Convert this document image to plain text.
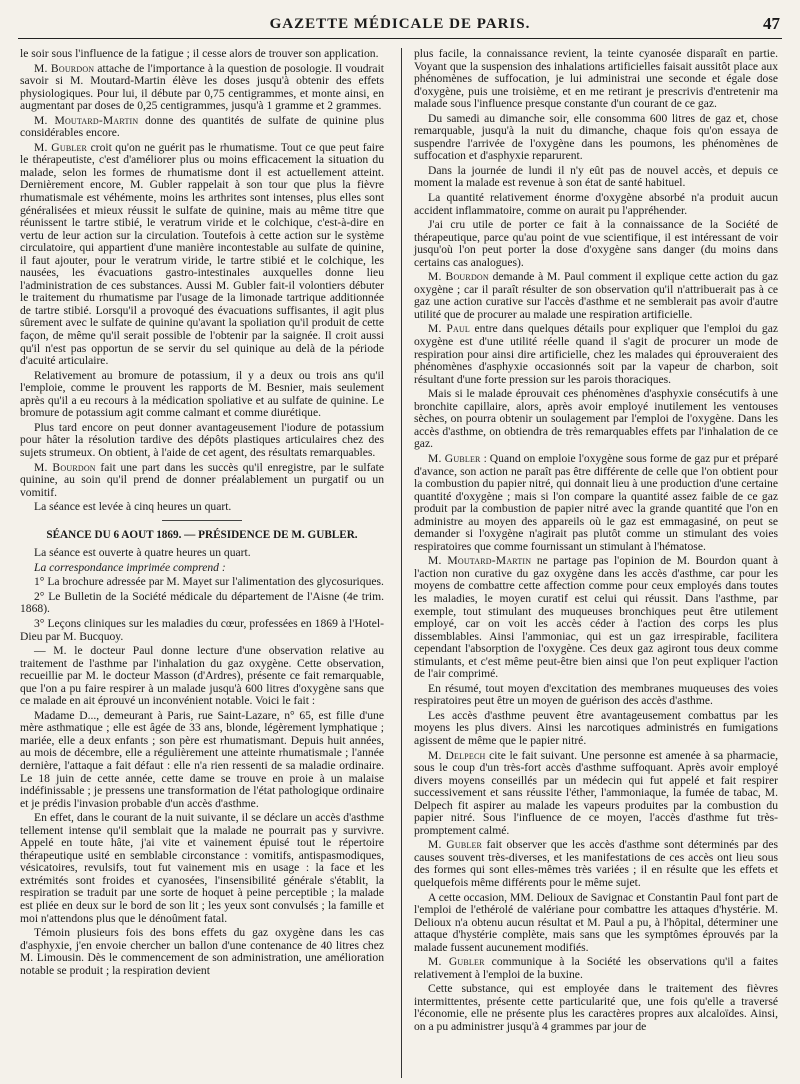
GAZETTE MÉDICALE DE PARIS.	47

le soir sous l'influence de la fatigue ; il cesse alors de trouver son application.

M. Bourdon attache de l'importance à la question de posologie. Il voudrait savoir si M. Moutard-Martin élève les doses jusqu'à obtenir des effets physiologiques. Pour lui, il débute par 0,75 centigrammes, et monte ainsi, en augmentant par doses de 0,25 centigrammes, jusqu'à 1 gramme et 2 grammes.

M. Moutard-Martin donne des quantités de sulfate de quinine plus considérables encore.

M. Gubler croit qu'on ne guérit pas le rhumatisme. Tout ce que peut faire le thérapeutiste, c'est d'améliorer plus ou moins efficacement la situation du malade, selon les formes de rhumatisme dont il est actuellement atteint. Dernièrement encore, M. Gubler rappelait à son tour que plus la fièvre rhumatismale est véhémente, moins les arthrites sont intenses, plus elles sont généralisées et mieux réussit le sulfate de quinine, mais au même titre que réunissent le tartre stibié, le veratrum viride et le colchique, c'est-à-dire en vertu de leur action sur la circulation. Toutefois à cette action sur le système circulatoire, qui appartient d'une manière incontestable au sulfate de quinine, il faut ajouter, pour le veratrum viride, le tartre stibié et le colchique, les nausées, les évacuations gastro-intestinales auxquelles donne lieu l'administration de ces substances. Aussi M. Gubler fait-il volontiers débuter le traitement du rhumatisme par l'usage de la limonade tartrique additionnée de tartre stibié. Lorsqu'il a provoqué des évacuations suffisantes, il agit plus sûrement avec le sulfate de quinine qu'avant la spoliation qu'il produit de cette façon, de même qu'il serait possible de l'obtenir par la saignée. Il croit aussi qu'il n'est pas opportun de se servir du sel quinique au delà de la période d'acuité articulaire.

Relativement au bromure de potassium, il y a deux ou trois ans qu'il l'emploie, comme le prouvent les rapports de M. Besnier, mais seulement après qu'il a eu recours à la médication spoliative et au sulfate de quinine. Le bromure de potassium agit comme calmant et comme diurétique.

Plus tard encore on peut donner avantageusement l'iodure de potassium pour hâter la résolution tardive des dépôts plastiques articulaires chez des sujets strumeux. On obtient, à l'aide de cet agent, des résultats remarquables.

M. Bourdon fait une part dans les succès qu'il enregistre, par le sulfate quinine, au soin qu'il prend de donner préalablement un purgatif ou un vomitif.

La séance est levée à cinq heures un quart.

SÉANCE DU 6 AOUT 1869. — PRÉSIDENCE DE M. GUBLER.

La séance est ouverte à quatre heures un quart.

La correspondance imprimée comprend :

1° La brochure adressée par M. Mayet sur l'alimentation des glycosuriques.

2° Le Bulletin de la Société médicale du département de l'Aisne (4e trim. 1868).

3° Leçons cliniques sur les maladies du cœur, professées en 1869 à l'Hotel-Dieu par M. Bucquoy.

— M. le docteur Paul donne lecture d'une observation relative au traitement de l'asthme par l'inhalation du gaz oxygène. Cette observation, recueillie par M. le docteur Masson (d'Ardres), présente ce fait remarquable, que l'on a pu faire respirer à un malade jusqu'à 600 litres d'oxygène sans que ce malade en ait éprouvé un inconvénient notable. Voici le fait :

Madame D..., demeurant à Paris, rue Saint-Lazare, n° 65, est fille d'une mère asthmatique ; elle est âgée de 33 ans, blonde, légèrement lymphatique ; mariée, elle a deux enfants ; son père est rhumatismant. Depuis huit années, au mois de décembre, elle a régulièrement une atteinte rhumatismale ; l'année dernière, l'attaque a fait défaut : elle n'a rien ressenti de sa maladie ordinaire. Le 18 juin de cette année, cette dame se trouve en proie à un malaise indéfinissable ; je pressens une transformation de l'état pathologique ordinaire et je prédis l'invasion probable d'un accès d'asthme.

En effet, dans le courant de la nuit suivante, il se déclare un accès d'asthme tellement intense qu'il semblait que la malade ne pourrait pas y survivre. Appelé en toute hâte, j'ai vite et vainement épuisé tout le répertoire thérapeutique usité en semblable circonstance : vomitifs, antispasmodiques, vésicatoires, revulsifs, tout fut vainement mis en usage : la face et les extrémités sont froides et cyanosées, l'insensibilité générale s'établit, la respiration se traduit par une sorte de hoquet à peine perceptible ; la malade est pliée en deux sur le bord de son lit ; les yeux sont convulsés ; la famille et moi n'attendons plus que le dénoûment fatal.

Témoin plusieurs fois des bons effets du gaz oxygène dans les cas d'asphyxie, j'en envoie chercher un ballon d'une contenance de 40 litres chez M. Limousin. Dès le commencement de son administration, une amélioration notable se produit ; la respiration devient

plus facile, la connaissance revient, la teinte cyanosée disparaît en partie. Voyant que la suspension des inhalations artificielles faisait aussitôt place aux phénomènes de suffocation, je lui administrai une seconde et égale dose d'oxygène, puis une troisième, et en me retirant je prescrivis d'entretenir ma malade sous l'influence presque constante d'un courant de ce gaz.

Du samedi au dimanche soir, elle consomma 600 litres de gaz et, chose remarquable, jusqu'à la nuit du dimanche, chaque fois qu'on essaya de suspendre l'arrivée de l'oxygène dans les poumons, les phénomènes de suffocation et d'asphyxie reparurent.

Dans la journée de lundi il n'y eût pas de nouvel accès, et depuis ce moment la malade est revenue à son état de santé habituel.

La quantité relativement énorme d'oxygène absorbé n'a produit aucun accident inflammatoire, comme on aurait pu l'appréhender.

J'ai cru utile de porter ce fait à la connaissance de la Société de thérapeutique, parce qu'au point de vue scientifique, il est intéressant de voir jusqu'où l'on peut porter la dose d'oxygène sans danger (du moins dans certains cas analogues).

M. Bourdon demande à M. Paul comment il explique cette action du gaz oxygène ; car il paraît résulter de son observation qu'il n'attribuerait pas à ce gaz une action curative sur l'accès d'asthme et ne semblerait pas avoir d'autre utilité que de procurer au malade une respiration artificielle.

M. Paul entre dans quelques détails pour expliquer que l'emploi du gaz oxygène est d'une utilité réelle quand il s'agit de procurer un mode de respiration pour ainsi dire artificielle, chez les malades qui éprouveraient des phénomènes d'asphyxie occasionnés soit par la vapeur de charbon, soit résultant d'une forte pression sur les parois thoraciques.

Mais si le malade éprouvait ces phénomènes d'asphyxie consécutifs à une bronchite capillaire, alors, après avoir employé inutilement les ventouses sèches, on pourra obtenir un soulagement par l'emploi de l'oxygène. Dans les accès d'asthme, on obtiendra de très remarquables effets par l'inhalation de ce gaz.

M. Gubler : Quand on emploie l'oxygène sous forme de gaz pur et préparé d'avance, son action ne paraît pas être différente de celle que l'on obtient pour la combustion du papier nitré, qui donnait lieu à une production d'une certaine quantité d'oxygène ; mais si l'on compare la quantité assez faible de ce gaz produit par la combustion de papier nitré avec la grande quantité que l'on en administre au moyen des appareils où le gaz est emmagasiné, on peut se demander si l'oxygène n'agirait pas plutôt comme un stimulant des voies respiratoires que comme fournissant un stimulant à l'hématose.

M. Moutard-Martin ne partage pas l'opinion de M. Bourdon quant à l'action non curative du gaz oxygène dans les accès d'asthme, car pour les moyens de combattre cette affection comme pour ceux employés dans toutes les maladies, le moyen curatif est celui qui réussit. Dans l'asthme, par exemple, tout stimulant des muqueuses bronchiques peut être utilement employé, car on voit les accès céder à l'action des corps les plus dissemblables. Ainsi l'ammoniac, qui est un gaz irrespirable, facilitera cependant l'absorption de l'oxygène. Ces deux gaz agiront tous deux comme stimulants, et c'est même peut-être bien ainsi que l'on peut expliquer l'action de l'air comprimé.

En résumé, tout moyen d'excitation des membranes muqueuses des voies respiratoires peut être un moyen de guérison des accès d'asthme.

Les accès d'asthme peuvent être avantageusement combattus par les moyens les plus divers. Ainsi les narcotiques administrés en fumigations agissent de même que le papier nitré.

M. Delpech cite le fait suivant. Une personne est amenée à sa pharmacie, sous le coup d'un très-fort accès d'asthme suffoquant. Après avoir employé divers moyens conseillés par un médecin qui fut appelé et fait respirer successivement et sans réussite l'éther, l'ammoniaque, la fumée de tabac, M. Delpech fit aspirer au malade les vapeurs produites par la combustion du papier nitré. Sous l'influence de ce moyen, l'accès d'asthme fut très-promptement calmé.

M. Gubler fait observer que les accès d'asthme sont déterminés par des causes souvent très-diverses, et les manifestations de ces accès ont lieu sous des formes qui sont elles-mêmes très variées ; il en résulte que les effets et quelquefois même différents pour le même sujet.

A cette occasion, MM. Delioux de Savignac et Constantin Paul font part de l'emploi de l'ethérolé de valériane pour combattre les attaques d'hystérie. M. Delioux n'a obtenu aucun résultat et M. Paul a pu, à l'hôpital, déterminer une attaque d'hystérie complète, mais sans que les symptômes éprouvés par la malade fussent aucunement modifiés.

M. Gubler communique à la Société les observations qu'il a faites relativement à l'emploi de la buxine.

Cette substance, qui est employée dans le traitement des fièvres intermittentes, présente cette particularité que, une fois qu'elle a traversé l'économie, elle ne présente plus les caractères propres aux alcaloïdes. Ainsi, on a pu administrer jusqu'à 4 grammes par jour de
